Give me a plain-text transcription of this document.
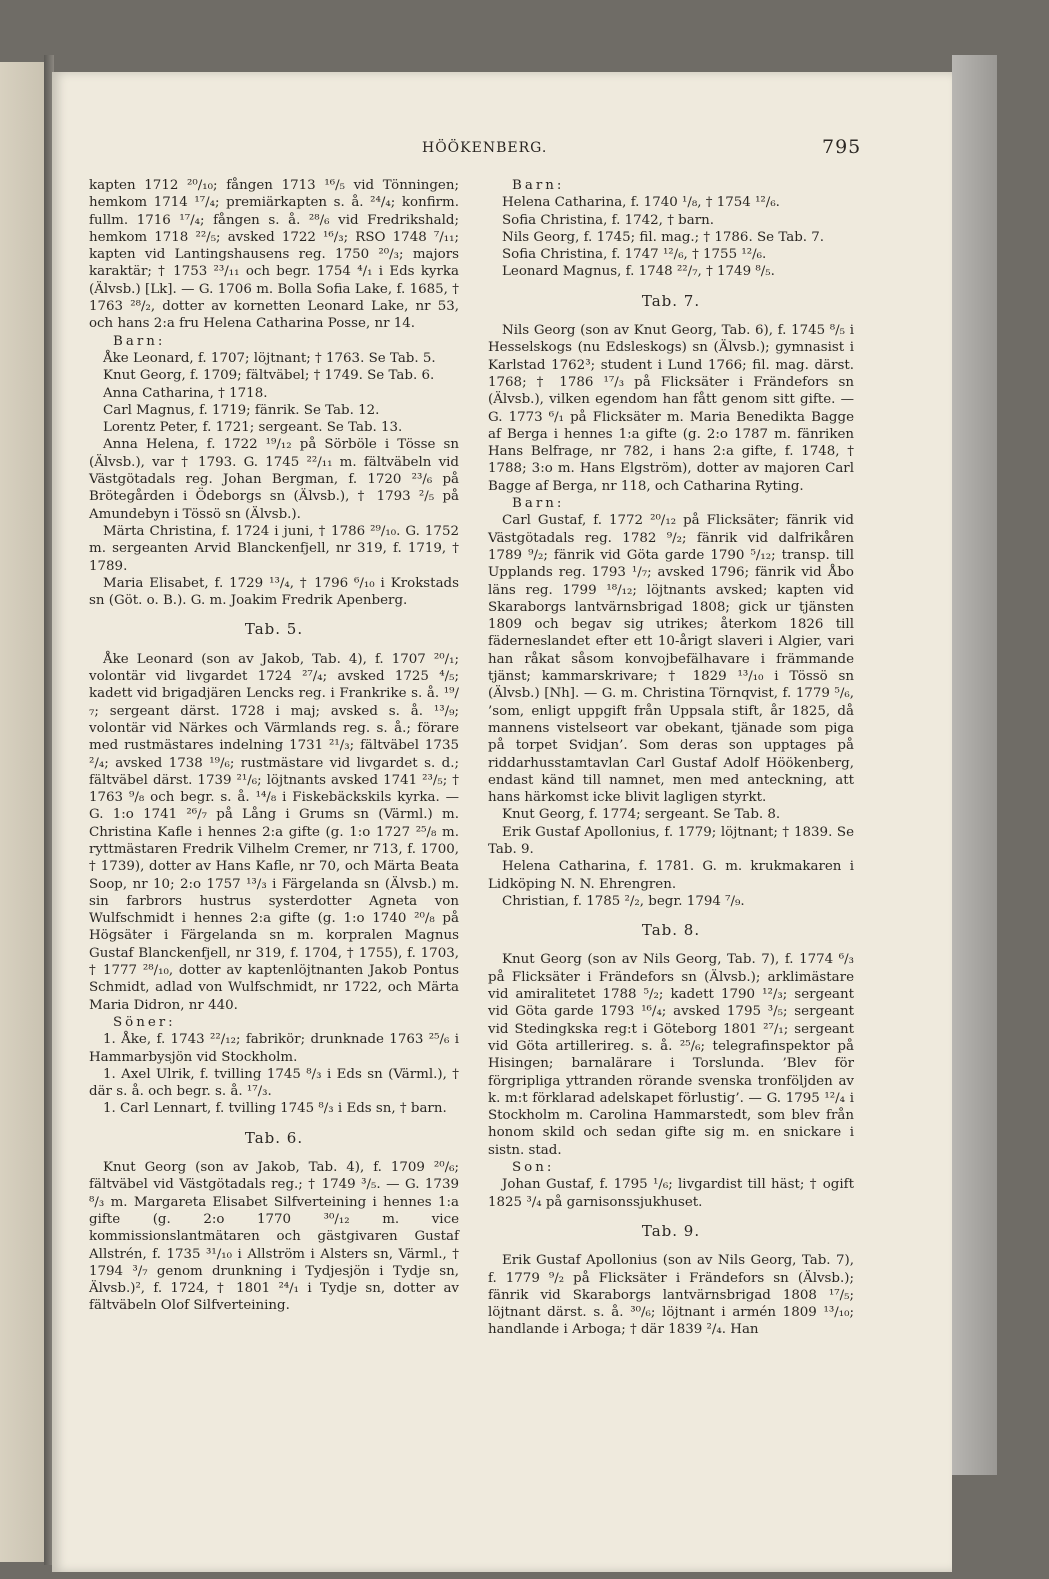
HÖÖKENBERG.	795

kapten 1712 ²⁰/₁₀; fången 1713 ¹⁶/₅ vid Tönningen; hemkom 1714 ¹⁷/₄; premiärkapten s. å. ²⁴/₄; konfirm. fullm. 1716 ¹⁷/₄; fången s. å. ²⁸/₆ vid Fredrikshald; hemkom 1718 ²²/₅; avsked 1722 ¹⁶/₃; RSO 1748 ⁷/₁₁; kapten vid Lantingshausens reg. 1750 ²⁰/₃; majors karaktär; † 1753 ²³/₁₁ och begr. 1754 ⁴/₁ i Eds kyrka (Älvsb.) [Lk]. — G. 1706 m. Bolla Sofia Lake, f. 1685, † 1763 ²⁸/₂, dotter av kornetten Leonard Lake, nr 53, och hans 2:a fru Helena Catharina Posse, nr 14.

Barn:

Åke Leonard, f. 1707; löjtnant; † 1763. Se Tab. 5.

Knut Georg, f. 1709; fältväbel; † 1749. Se Tab. 6.

Anna Catharina, † 1718.

Carl Magnus, f. 1719; fänrik. Se Tab. 12.

Lorentz Peter, f. 1721; sergeant. Se Tab. 13.

Anna Helena, f. 1722 ¹⁹/₁₂ på Sörböle i Tösse sn (Älvsb.), var † 1793. G. 1745 ²²/₁₁ m. fältväbeln vid Västgötadals reg. Johan Bergman, f. 1720 ²³/₆ på Brötegården i Ödeborgs sn (Älvsb.), † 1793 ²/₅ på Amundebyn i Tössö sn (Älvsb.).

Märta Christina, f. 1724 i juni, † 1786 ²⁹/₁₀. G. 1752 m. sergeanten Arvid Blanckenfjell, nr 319, f. 1719, † 1789.

Maria Elisabet, f. 1729 ¹³/₄, † 1796 ⁶/₁₀ i Krokstads sn (Göt. o. B.). G. m. Joakim Fredrik Apenberg.

Tab. 5.

Åke Leonard (son av Jakob, Tab. 4), f. 1707 ²⁰/₁; volontär vid livgardet 1724 ²⁷/₄; avsked 1725 ⁴/₅; kadett vid brigadjären Lencks reg. i Frankrike s. å. ¹⁹/₇; sergeant därst. 1728 i maj; avsked s. å. ¹³/₉; volontär vid Närkes och Värmlands reg. s. å.; förare med rustmästares indelning 1731 ²¹/₃; fältväbel 1735 ²/₄; avsked 1738 ¹⁹/₆; rustmästare vid livgardet s. d.; fältväbel därst. 1739 ²¹/₆; löjtnants avsked 1741 ²³/₅; † 1763 ⁹/₈ och begr. s. å. ¹⁴/₈ i Fiskebäckskils kyrka. — G. 1:o 1741 ²⁶/₇ på Lång i Grums sn (Värml.) m. Christina Kafle i hennes 2:a gifte (g. 1:o 1727 ²⁵/₈ m. ryttmästaren Fredrik Vilhelm Cremer, nr 713, f. 1700, † 1739), dotter av Hans Kafle, nr 70, och Märta Beata Soop, nr 10; 2:o 1757 ¹³/₃ i Färgelanda sn (Älvsb.) m. sin farbrors hustrus systerdotter Agneta von Wulfschmidt i hennes 2:a gifte (g. 1:o 1740 ²⁰/₈ på Högsäter i Färgelanda sn m. korpralen Magnus Gustaf Blanckenfjell, nr 319, f. 1704, † 1755), f. 1703, † 1777 ²⁸/₁₀, dotter av kaptenlöjtnanten Jakob Pontus Schmidt, adlad von Wulfschmidt, nr 1722, och Märta Maria Didron, nr 440.

Söner:

1. Åke, f. 1743 ²²/₁₂; fabrikör; drunknade 1763 ²⁵/₆ i Hammarbysjön vid Stockholm.

1. Axel Ulrik, f. tvilling 1745 ⁸/₃ i Eds sn (Värml.), † där s. å. och begr. s. å. ¹⁷/₃.

1. Carl Lennart, f. tvilling 1745 ⁸/₃ i Eds sn, † barn.

Tab. 6.

Knut Georg (son av Jakob, Tab. 4), f. 1709 ²⁰/₆; fältväbel vid Västgötadals reg.; † 1749 ³/₅. — G. 1739 ⁸/₃ m. Margareta Elisabet Silfverteining i hennes 1:a gifte (g. 2:o 1770 ³⁰/₁₂ m. vice kommissionslantmätaren och gästgivaren Gustaf Allstrén, f. 1735 ³¹/₁₀ i Allström i Alsters sn, Värml., † 1794 ³/₇ genom drunkning i Tydjesjön i Tydje sn, Älvsb.)², f. 1724, † 1801 ²⁴/₁ i Tydje sn, dotter av fältväbeln Olof Silfverteining.

Barn:

Helena Catharina, f. 1740 ¹/₈, † 1754 ¹²/₆.

Sofia Christina, f. 1742, † barn.

Nils Georg, f. 1745; fil. mag.; † 1786. Se Tab. 7.

Sofia Christina, f. 1747 ¹²/₆, † 1755 ¹²/₆.

Leonard Magnus, f. 1748 ²²/₇, † 1749 ⁸/₅.

Tab. 7.

Nils Georg (son av Knut Georg, Tab. 6), f. 1745 ⁸/₅ i Hesselskogs (nu Edsleskogs) sn (Älvsb.); gymnasist i Karlstad 1762³; student i Lund 1766; fil. mag. därst. 1768; † 1786 ¹⁷/₃ på Flicksäter i Frändefors sn (Älvsb.), vilken egendom han fått genom sitt gifte. — G. 1773 ⁶/₁ på Flicksäter m. Maria Benedikta Bagge af Berga i hennes 1:a gifte (g. 2:o 1787 m. fänriken Hans Belfrage, nr 782, i hans 2:a gifte, f. 1748, † 1788; 3:o m. Hans Elgström), dotter av majoren Carl Bagge af Berga, nr 118, och Catharina Ryting.

Barn:

Carl Gustaf, f. 1772 ²⁰/₁₂ på Flicksäter; fänrik vid Västgötadals reg. 1782 ⁹/₂; fänrik vid dalfrikåren 1789 ⁹/₂; fänrik vid Göta garde 1790 ⁵/₁₂; transp. till Upplands reg. 1793 ¹/₇; avsked 1796; fänrik vid Åbo läns reg. 1799 ¹⁸/₁₂; löjtnants avsked; kapten vid Skaraborgs lantvärnsbrigad 1808; gick ur tjänsten 1809 och begav sig utrikes; återkom 1826 till fäderneslandet efter ett 10-årigt slaveri i Algier, vari han råkat såsom konvojbefälhavare i främmande tjänst; kammarskrivare; † 1829 ¹³/₁₀ i Tössö sn (Älvsb.) [Nh]. — G. m. Christina Törnqvist, f. 1779 ⁵/₆, ’som, enligt uppgift från Uppsala stift, år 1825, då mannens vistelseort var obekant, tjänade som piga på torpet Svidjan’. Som deras son upptages på riddarhusstamtavlan Carl Gustaf Adolf Höökenberg, endast känd till namnet, men med anteckning, att hans härkomst icke blivit lagligen styrkt.

Knut Georg, f. 1774; sergeant. Se Tab. 8.

Erik Gustaf Apollonius, f. 1779; löjtnant; † 1839. Se Tab. 9.

Helena Catharina, f. 1781. G. m. krukmakaren i Lidköping N. N. Ehrengren.

Christian, f. 1785 ²/₂, begr. 1794 ⁷/₉.

Tab. 8.

Knut Georg (son av Nils Georg, Tab. 7), f. 1774 ⁶/₃ på Flicksäter i Frändefors sn (Älvsb.); arklimästare vid amiralitetet 1788 ⁵/₂; kadett 1790 ¹²/₃; sergeant vid Göta garde 1793 ¹⁶/₄; avsked 1795 ³/₅; sergeant vid Stedingkska reg:t i Göteborg 1801 ²⁷/₁; sergeant vid Göta artillerireg. s. å. ²⁵/₆; telegrafinspektor på Hisingen; barnalärare i Torslunda. ’Blev för förgripliga yttranden rörande svenska tronföljden av k. m:t förklarad adelskapet förlustig’. — G. 1795 ¹²/₄ i Stockholm m. Carolina Hammarstedt, som blev från honom skild och sedan gifte sig m. en snickare i sistn. stad.

Son:

Johan Gustaf, f. 1795 ¹/₆; livgardist till häst; † ogift 1825 ³/₄ på garnisonssjukhuset.

Tab. 9.

Erik Gustaf Apollonius (son av Nils Georg, Tab. 7), f. 1779 ⁹/₂ på Flicksäter i Frändefors sn (Älvsb.); fänrik vid Skaraborgs lantvärnsbrigad 1808 ¹⁷/₅; löjtnant därst. s. å. ³⁰/₆; löjtnant i armén 1809 ¹³/₁₀; handlande i Arboga; † där 1839 ²/₄. Han
